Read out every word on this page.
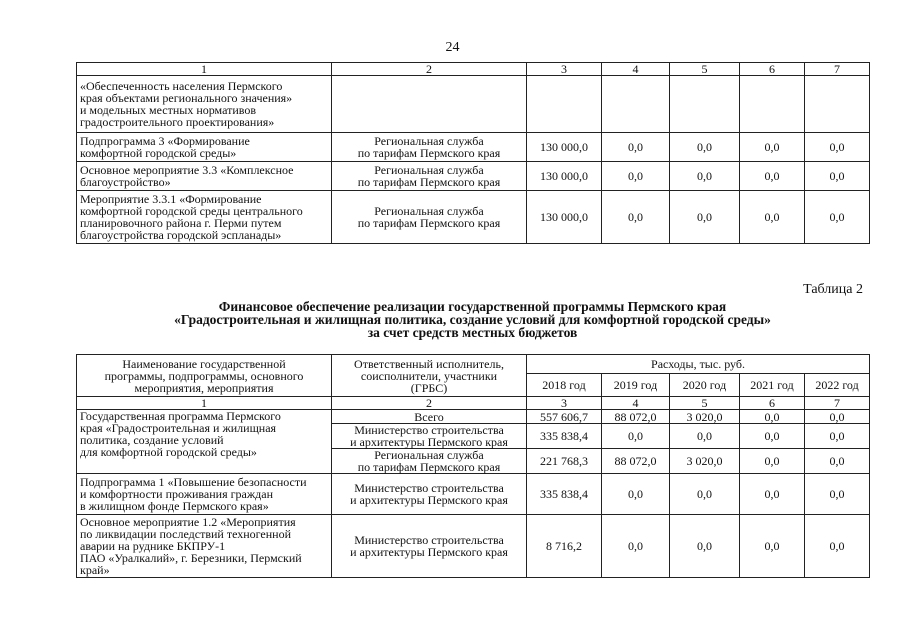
24
1	2	3	4	5	6	7
«Обеспеченность населения Пермского
края объектами регионального значения»
и модельных местных нормативов
градостроительного проектирования»						
Подпрограмма 3 «Формирование
комфортной городской среды»	Региональная служба
по тарифам Пермского края	130 000,0	0,0	0,0	0,0	0,0
Основное мероприятие 3.3 «Комплексное
благоустройство»	Региональная служба
по тарифам Пермского края	130 000,0	0,0	0,0	0,0	0,0
Мероприятие 3.3.1 «Формирование
комфортной городской среды центрального
планировочного района г. Перми путем
благоустройства городской эспланады»	Региональная служба
по тарифам Пермского края	130 000,0	0,0	0,0	0,0	0,0
Таблица 2
Финансовое обеспечение реализации государственной программы Пермского края
«Градостроительная и жилищная политика, создание условий для комфортной городской среды»
за счет средств местных бюджетов
Наименование государственной
программы, подпрограммы, основного
мероприятия, мероприятия	Ответственный исполнитель,
соисполнители, участники
(ГРБС)	Расходы, тыс. руб.				
		2018 год	2019 год	2020 год	2021 год	2022 год
1	2	3	4	5	6	7
Государственная программа Пермского
края «Градостроительная и жилищная
политика, создание условий
для комфортной городской среды»	Всего	557 606,7	88 072,0	3 020,0	0,0	0,0
	Министерство строительства
и архитектуры Пермского края	335 838,4	0,0	0,0	0,0	0,0
	Региональная служба
по тарифам Пермского края	221 768,3	88 072,0	3 020,0	0,0	0,0
Подпрограмма 1 «Повышение безопасности
и комфортности проживания граждан
в жилищном фонде Пермского края»	Министерство строительства
и архитектуры Пермского края	335 838,4	0,0	0,0	0,0	0,0
Основное мероприятие 1.2 «Мероприятия
по ликвидации последствий техногенной
аварии на руднике БКПРУ-1
ПАО «Уралкалий», г. Березники, Пермский
край»	Министерство строительства
и архитектуры Пермского края	8 716,2	0,0	0,0	0,0	0,0
